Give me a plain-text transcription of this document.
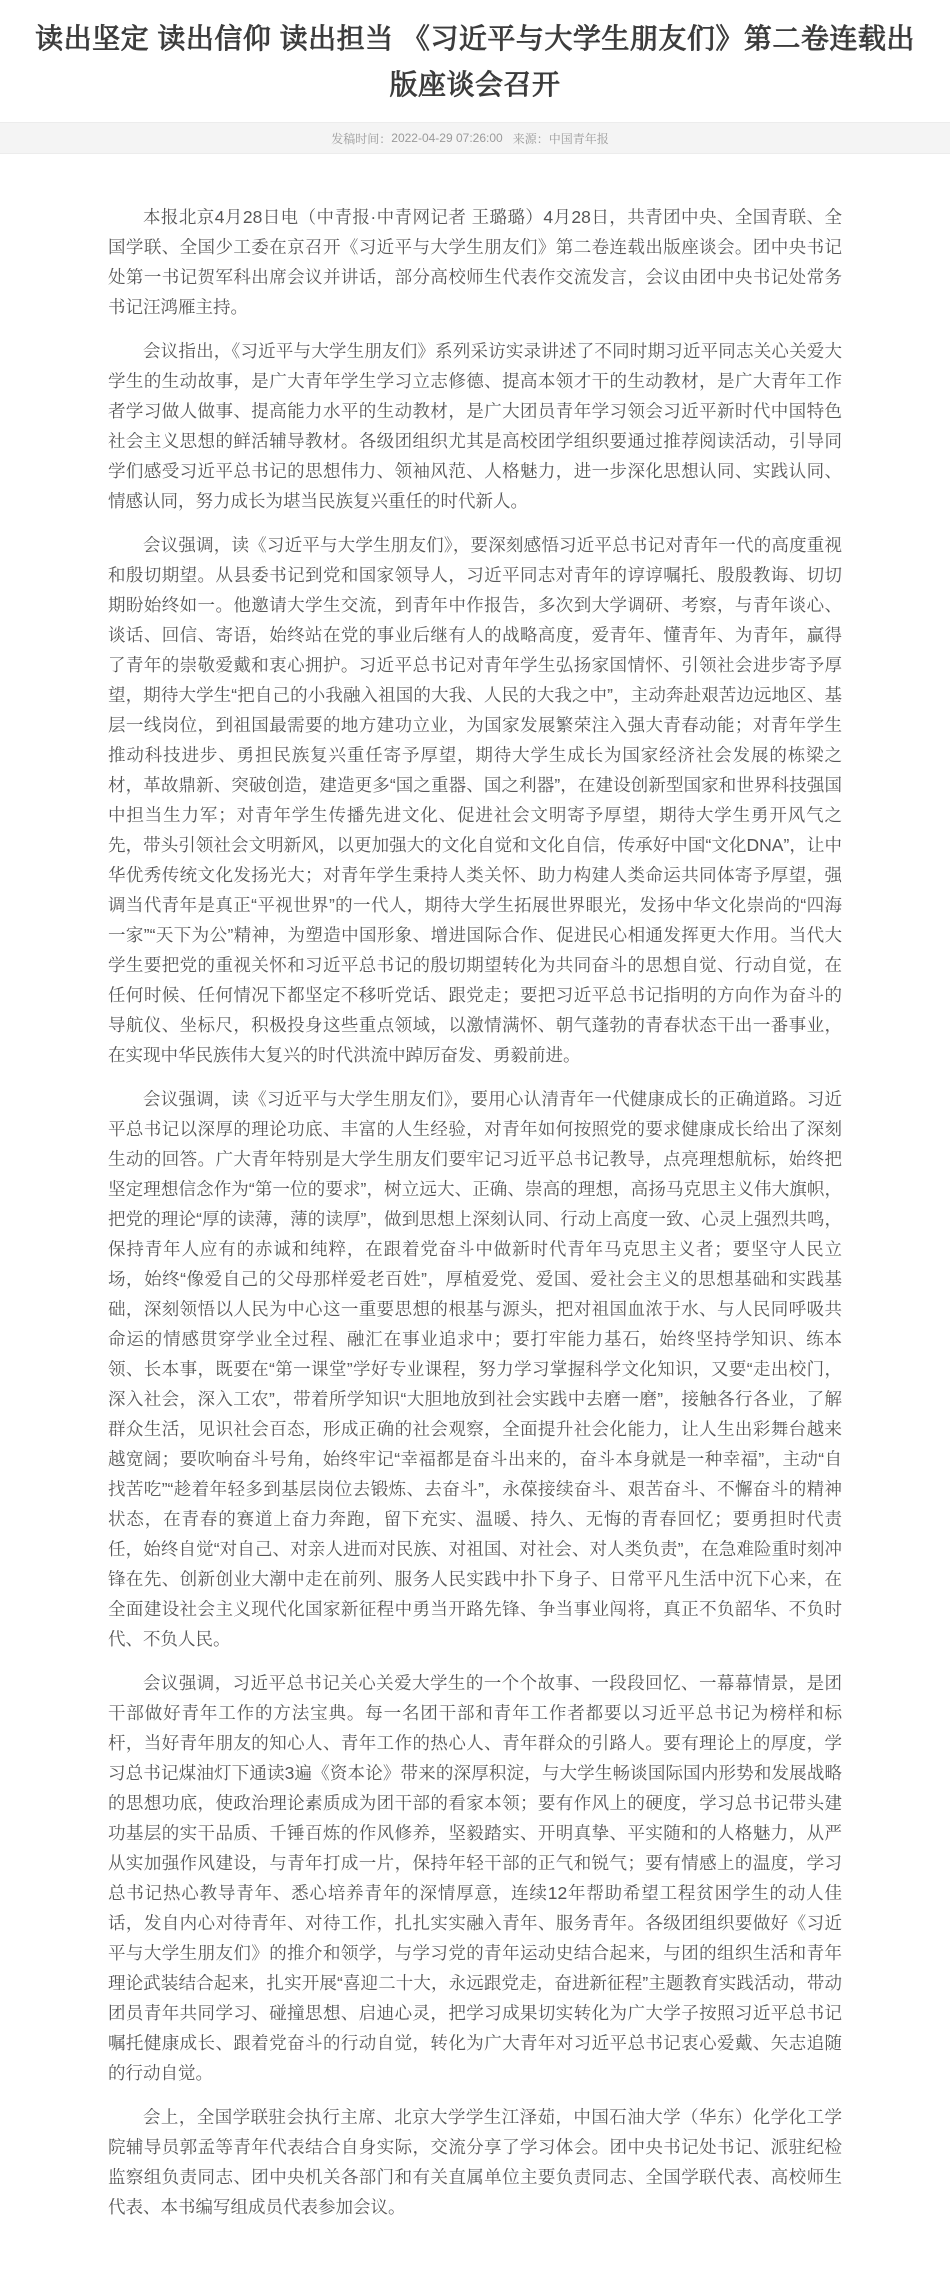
读出坚定 读出信仰 读出担当 《习近平与大学生朋友们》第二卷连载出版座谈会召开
发稿时间： 2022-04-29 07:26:00 来源： 中国青年报

本报北京4月28日电（中青报·中青网记者 王璐璐）4月28日，共青团中央、全国青联、全国学联、全国少工委在京召开《习近平与大学生朋友们》第二卷连载出版座谈会。团中央书记处第一书记贺军科出席会议并讲话，部分高校师生代表作交流发言，会议由团中央书记处常务书记汪鸿雁主持。

会议指出，《习近平与大学生朋友们》系列采访实录讲述了不同时期习近平同志关心关爱大学生的生动故事，是广大青年学生学习立志修德、提高本领才干的生动教材，是广大青年工作者学习做人做事、提高能力水平的生动教材，是广大团员青年学习领会习近平新时代中国特色社会主义思想的鲜活辅导教材。各级团组织尤其是高校团学组织要通过推荐阅读活动，引导同学们感受习近平总书记的思想伟力、领袖风范、人格魅力，进一步深化思想认同、实践认同、情感认同，努力成长为堪当民族复兴重任的时代新人。

会议强调，读《习近平与大学生朋友们》，要深刻感悟习近平总书记对青年一代的高度重视和殷切期望。从县委书记到党和国家领导人，习近平同志对青年的谆谆嘱托、殷殷教诲、切切期盼始终如一。他邀请大学生交流，到青年中作报告，多次到大学调研、考察，与青年谈心、谈话、回信、寄语，始终站在党的事业后继有人的战略高度，爱青年、懂青年、为青年，赢得了青年的崇敬爱戴和衷心拥护。习近平总书记对青年学生弘扬家国情怀、引领社会进步寄予厚望，期待大学生“把自己的小我融入祖国的大我、人民的大我之中”，主动奔赴艰苦边远地区、基层一线岗位，到祖国最需要的地方建功立业，为国家发展繁荣注入强大青春动能；对青年学生推动科技进步、勇担民族复兴重任寄予厚望，期待大学生成长为国家经济社会发展的栋梁之材，革故鼎新、突破创造，建造更多“国之重器、国之利器”，在建设创新型国家和世界科技强国中担当生力军；对青年学生传播先进文化、促进社会文明寄予厚望，期待大学生勇开风气之先，带头引领社会文明新风，以更加强大的文化自觉和文化自信，传承好中国“文化DNA”，让中华优秀传统文化发扬光大；对青年学生秉持人类关怀、助力构建人类命运共同体寄予厚望，强调当代青年是真正“平视世界”的一代人，期待大学生拓展世界眼光，发扬中华文化崇尚的“四海一家”“天下为公”精神，为塑造中国形象、增进国际合作、促进民心相通发挥更大作用。当代大学生要把党的重视关怀和习近平总书记的殷切期望转化为共同奋斗的思想自觉、行动自觉，在任何时候、任何情况下都坚定不移听党话、跟党走；要把习近平总书记指明的方向作为奋斗的导航仪、坐标尺，积极投身这些重点领域，以激情满怀、朝气蓬勃的青春状态干出一番事业，在实现中华民族伟大复兴的时代洪流中踔厉奋发、勇毅前进。

会议强调，读《习近平与大学生朋友们》，要用心认清青年一代健康成长的正确道路。习近平总书记以深厚的理论功底、丰富的人生经验，对青年如何按照党的要求健康成长给出了深刻生动的回答。广大青年特别是大学生朋友们要牢记习近平总书记教导，点亮理想航标，始终把坚定理想信念作为“第一位的要求”，树立远大、正确、崇高的理想，高扬马克思主义伟大旗帜，把党的理论“厚的读薄，薄的读厚”，做到思想上深刻认同、行动上高度一致、心灵上强烈共鸣，保持青年人应有的赤诚和纯粹，在跟着党奋斗中做新时代青年马克思主义者；要坚守人民立场，始终“像爱自己的父母那样爱老百姓”，厚植爱党、爱国、爱社会主义的思想基础和实践基础，深刻领悟以人民为中心这一重要思想的根基与源头，把对祖国血浓于水、与人民同呼吸共命运的情感贯穿学业全过程、融汇在事业追求中；要打牢能力基石，始终坚持学知识、练本领、长本事，既要在“第一课堂”学好专业课程，努力学习掌握科学文化知识，又要“走出校门，深入社会，深入工农”，带着所学知识“大胆地放到社会实践中去磨一磨”，接触各行各业，了解群众生活，见识社会百态，形成正确的社会观察，全面提升社会化能力，让人生出彩舞台越来越宽阔；要吹响奋斗号角，始终牢记“幸福都是奋斗出来的，奋斗本身就是一种幸福”，主动“自找苦吃”“趁着年轻多到基层岗位去锻炼、去奋斗”，永葆接续奋斗、艰苦奋斗、不懈奋斗的精神状态，在青春的赛道上奋力奔跑，留下充实、温暖、持久、无悔的青春回忆；要勇担时代责任，始终自觉“对自己、对亲人进而对民族、对祖国、对社会、对人类负责”，在急难险重时刻冲锋在先、创新创业大潮中走在前列、服务人民实践中扑下身子、日常平凡生活中沉下心来，在全面建设社会主义现代化国家新征程中勇当开路先锋、争当事业闯将，真正不负韶华、不负时代、不负人民。

会议强调，习近平总书记关心关爱大学生的一个个故事、一段段回忆、一幕幕情景，是团干部做好青年工作的方法宝典。每一名团干部和青年工作者都要以习近平总书记为榜样和标杆，当好青年朋友的知心人、青年工作的热心人、青年群众的引路人。要有理论上的厚度，学习总书记煤油灯下通读3遍《资本论》带来的深厚积淀，与大学生畅谈国际国内形势和发展战略的思想功底，使政治理论素质成为团干部的看家本领；要有作风上的硬度，学习总书记带头建功基层的实干品质、千锤百炼的作风修养，坚毅踏实、开明真挚、平实随和的人格魅力，从严从实加强作风建设，与青年打成一片，保持年轻干部的正气和锐气；要有情感上的温度，学习总书记热心教导青年、悉心培养青年的深情厚意，连续12年帮助希望工程贫困学生的动人佳话，发自内心对待青年、对待工作，扎扎实实融入青年、服务青年。各级团组织要做好《习近平与大学生朋友们》的推介和领学，与学习党的青年运动史结合起来，与团的组织生活和青年理论武装结合起来，扎实开展“喜迎二十大，永远跟党走，奋进新征程”主题教育实践活动，带动团员青年共同学习、碰撞思想、启迪心灵，把学习成果切实转化为广大学子按照习近平总书记嘱托健康成长、跟着党奋斗的行动自觉，转化为广大青年对习近平总书记衷心爱戴、矢志追随的行动自觉。

会上，全国学联驻会执行主席、北京大学学生江泽茹，中国石油大学（华东）化学化工学院辅导员郭孟等青年代表结合自身实际，交流分享了学习体会。团中央书记处书记、派驻纪检监察组负责同志、团中央机关各部门和有关直属单位主要负责同志、全国学联代表、高校师生代表、本书编写组成员代表参加会议。
